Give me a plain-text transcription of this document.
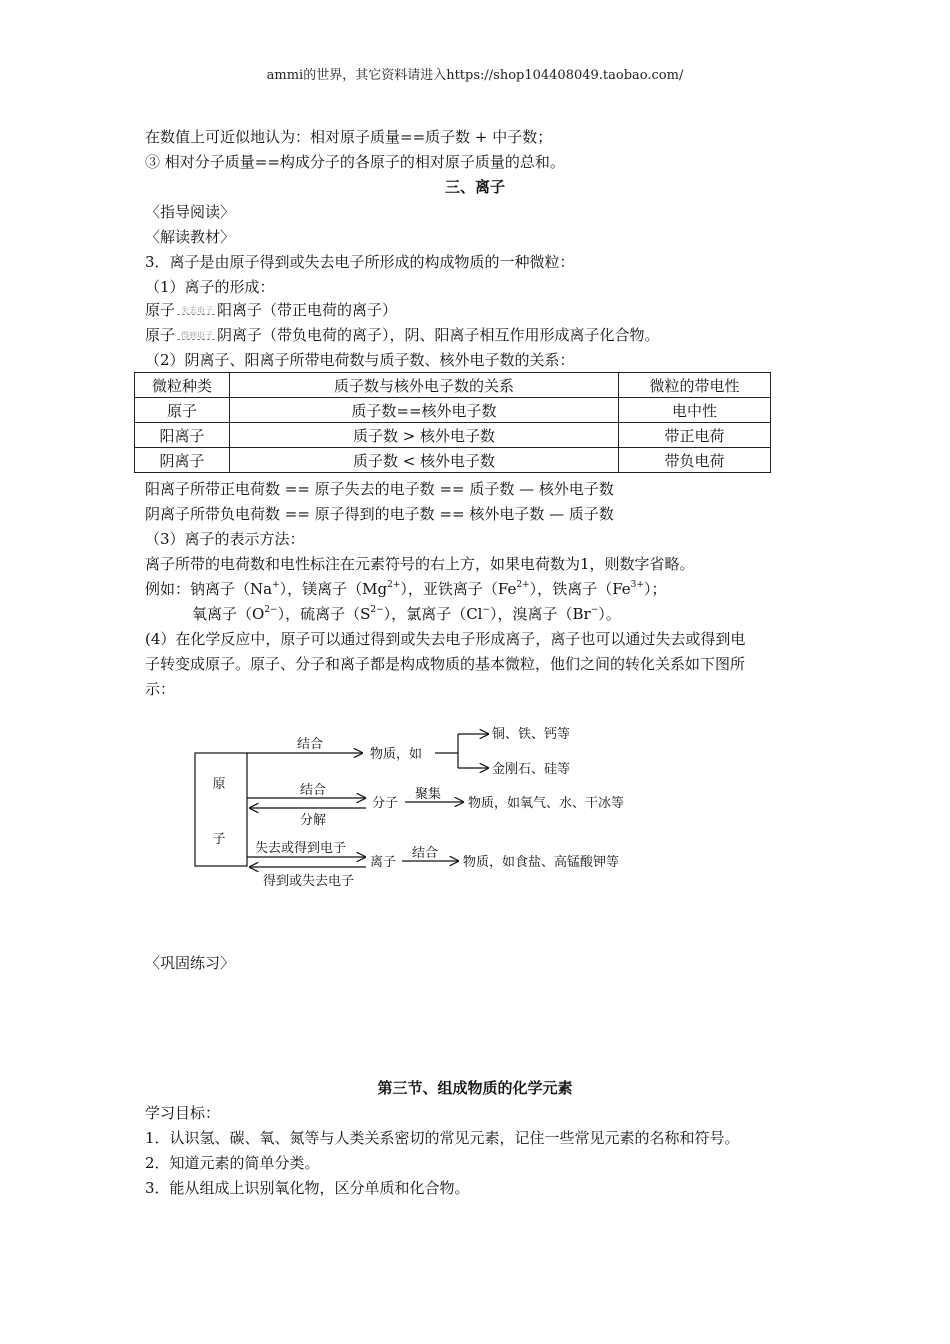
ammi的世界，其它资料请进入https://shop104408049.taobao.com/
在数值上可近似地认为：相对原子质量==质子数 + 中子数；
③ 相对分子质量==构成分子的各原子的相对原子质量的总和。
三、离子
〈指导阅读〉
〈解读教材〉
3．离子是由原子得到或失去电子所形成的构成物质的一种微粒：
（1）离子的形成：
原子 失去电子 阳离子（带正电荷的离子）
原子 得到电子 阴离子（带负电荷的离子），阴、阳离子相互作用形成离子化合物。
（2）阴离子、阳离子所带电荷数与质子数、核外电子数的关系：
微粒种类	质子数与核外电子数的关系	微粒的带电性
原子	质子数==核外电子数	电中性
阳离子	质子数 > 核外电子数	带正电荷
阴离子	质子数 < 核外电子数	带负电荷
阳离子所带正电荷数 == 原子失去的电子数 == 质子数 — 核外电子数
阴离子所带负电荷数 == 原子得到的电子数 == 核外电子数 — 质子数
（3）离子的表示方法：
离子所带的电荷数和电性标注在元素符号的右上方，如果电荷数为1，则数字省略。
例如：钠离子（Na+），镁离子$(Mg^{2+})$，亚铁离子$(Fe^{2+})$，铁离子$(Fe^{3+})$；
氧离子$(O^{2-})$，硫离子$(S^{2-})$，氯离子（Cl−），溴离子（Br−）。
(4）在化学反应中，原子可以通过得到或失去电子形成离子，离子也可以通过失去或得到电
子转变成原子。原子、分子和离子都是构成物质的基本微粒，他们之间的转化关系如下图所
示：
原
子
结合
物质，如
铜、铁、钙等
金刚石、硅等
结合
分解
分子
聚集
物质，如氧气、水、干冰等
失去或得到电子
得到或失去电子
离子
结合
物质，如食盐、高锰酸钾等
〈巩固练习〉
第三节、组成物质的化学元素
学习目标：
1．认识氢、碳、氧、氮等与人类关系密切的常见元素，记住一些常见元素的名称和符号。
2．知道元素的简单分类。
3．能从组成上识别氧化物，区分单质和化合物。
